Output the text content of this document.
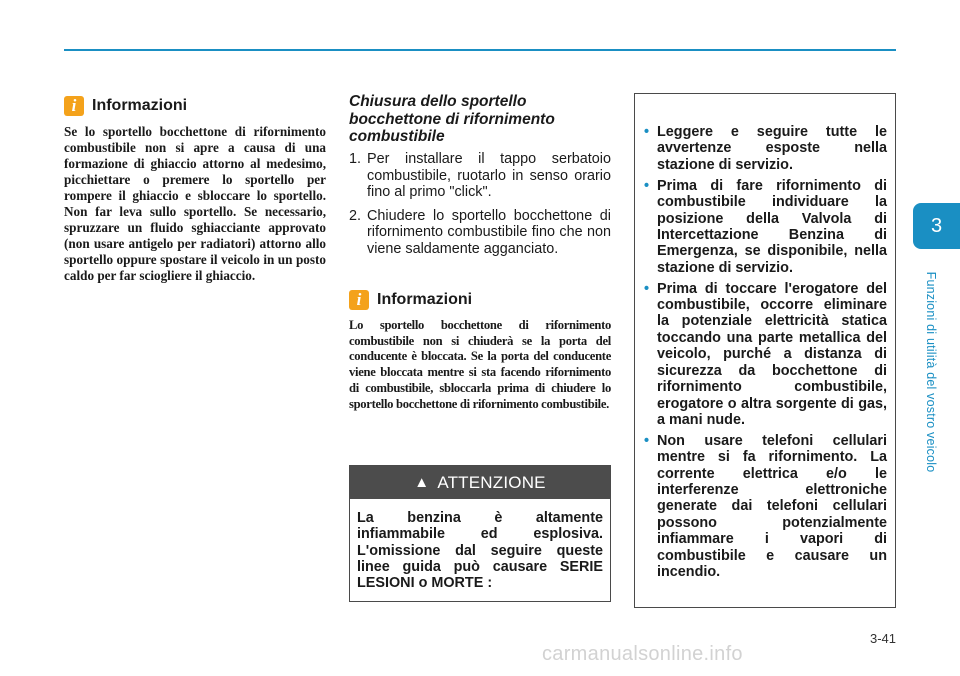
3
Funzioni di utilità del vostro veicolo
i Informazioni

Se lo sportello bocchettone di rifornimento combustibile non si apre a causa di una formazione di ghiaccio attorno al medesimo, picchiettare o premere lo sportello per rompere il ghiaccio e sbloccare lo sportello. Non far leva sullo sportello. Se necessario, spruzzare un fluido sghiacciante approvato (non usare antigelo per radiatori) attorno allo sportello oppure spostare il veicolo in un posto caldo per far sciogliere il ghiaccio.

Chiusura dello sportello bocchettone di rifornimento combustibile
1. Per installare il tappo serbatoio combustibile, ruotarlo in senso orario fino al primo "click".
2. Chiudere lo sportello bocchettone di rifornimento combustibile fino che non viene saldamente agganciato.
i Informazioni

Lo sportello bocchettone di rifornimento combustibile non si chiuderà se la porta del conducente è bloccata. Se la porta del conducente viene bloccata mentre si sta facendo rifornimento di combustibile, sbloccarla prima di chiudere lo sportello bocchettone di rifornimento combustibile.

▲ ATTENZIONE

La benzina è altamente infiammabile ed esplosiva. L'omissione dal seguire queste linee guida può causare SERIE LESIONI o MORTE :

• Leggere e seguire tutte le avvertenze esposte nella stazione di servizio.
• Prima di fare rifornimento di combustibile individuare la posizione della Valvola di Intercettazione Benzina di Emergenza, se disponibile, nella stazione di servizio.
• Prima di toccare l'erogatore del combustibile, occorre eliminare la potenziale elettricità statica toccando una parte metallica del veicolo, purché a distanza di sicurezza da bocchettone di rifornimento combustibile, erogatore o altra sorgente di gas, a mani nude.
• Non usare telefoni cellulari mentre si fa rifornimento. La corrente elettrica e/o le interferenze elettroniche generate dai telefoni cellulari possono potenzialmente infiammare i vapori di combustibile e causare un incendio.
3-41
carmanualsonline.info
